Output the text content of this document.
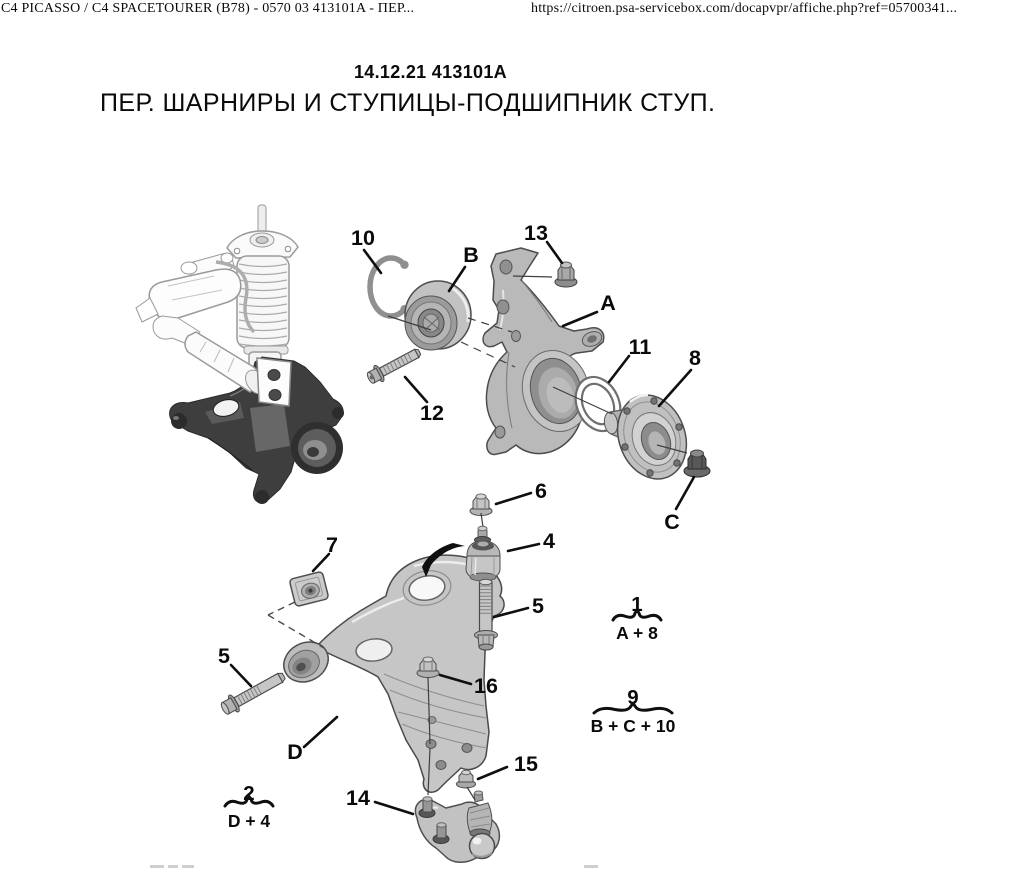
10
B
13
A
11 8
12
C
6
4
5
7
5
16
D	15
14
1
A + 8
9
B + C + 10
2
D + 4
C4 PICASSO / C4 SPACETOURER (B78) - 0570 03 413101A - ПЕР...	https://citroen.psa-servicebox.com/docapvpr/affiche.php?ref=05700341...
14.12.21 413101A
ПЕР. ШАРНИРЫ И СТУПИЦЫ-ПОДШИПНИК СТУП.
